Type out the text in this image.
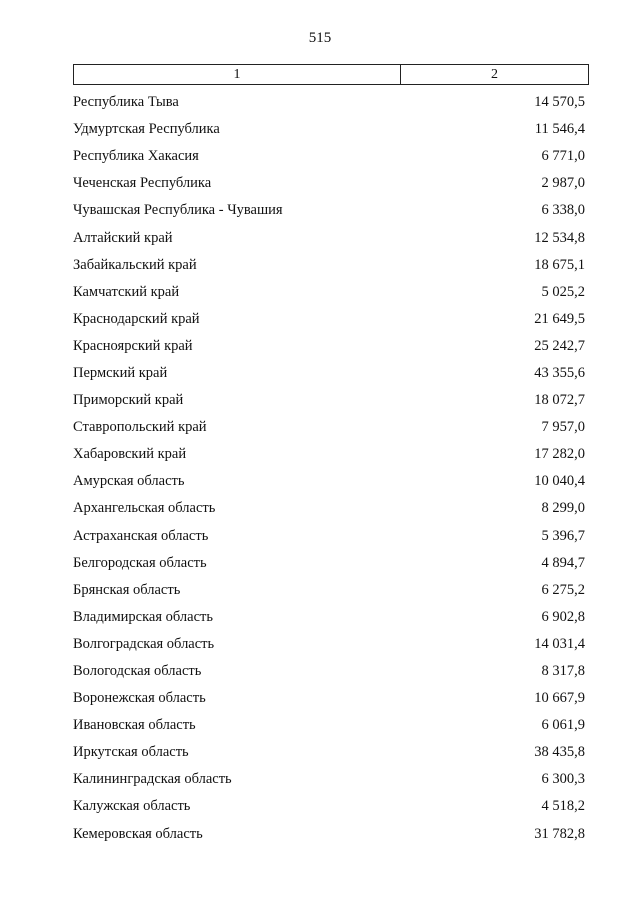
515
1	2
Республика Тыва	14 570,5
Удмуртская Республика	11 546,4
Республика Хакасия	6 771,0
Чеченская Республика	2 987,0
Чувашская Республика - Чувашия	6 338,0
Алтайский край	12 534,8
Забайкальский край	18 675,1
Камчатский край	5 025,2
Краснодарский край	21 649,5
Красноярский край	25 242,7
Пермский край	43 355,6
Приморский край	18 072,7
Ставропольский край	7 957,0
Хабаровский край	17 282,0
Амурская область	10 040,4
Архангельская область	8 299,0
Астраханская область	5 396,7
Белгородская область	4 894,7
Брянская область	6 275,2
Владимирская область	6 902,8
Волгоградская область	14 031,4
Вологодская область	8 317,8
Воронежская область	10 667,9
Ивановская область	6 061,9
Иркутская область	38 435,8
Калининградская область	6 300,3
Калужская область	4 518,2
Кемеровская область	31 782,8
